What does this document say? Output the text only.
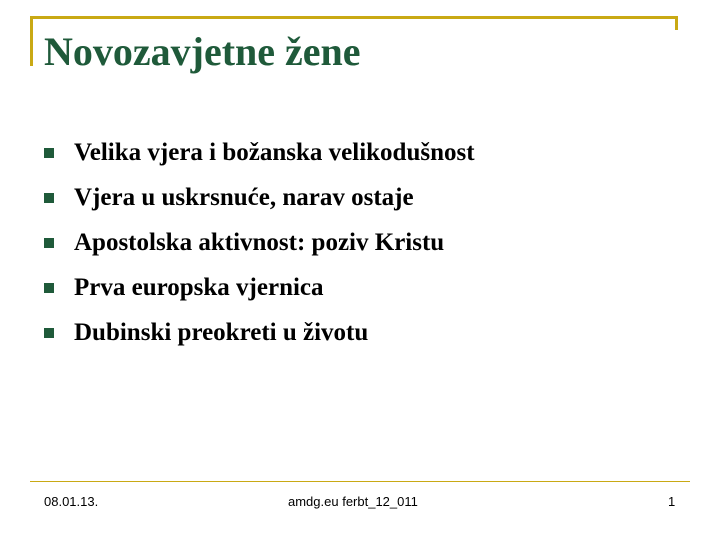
Novozavjetne žene
Velika vjera i božanska velikodušnost
Vjera u uskrsnuće, narav ostaje
Apostolska aktivnost: poziv Kristu
Prva europska vjernica
Dubinski preokreti u životu
08.01.13.	amdg.eu ferbt_12_011	1
